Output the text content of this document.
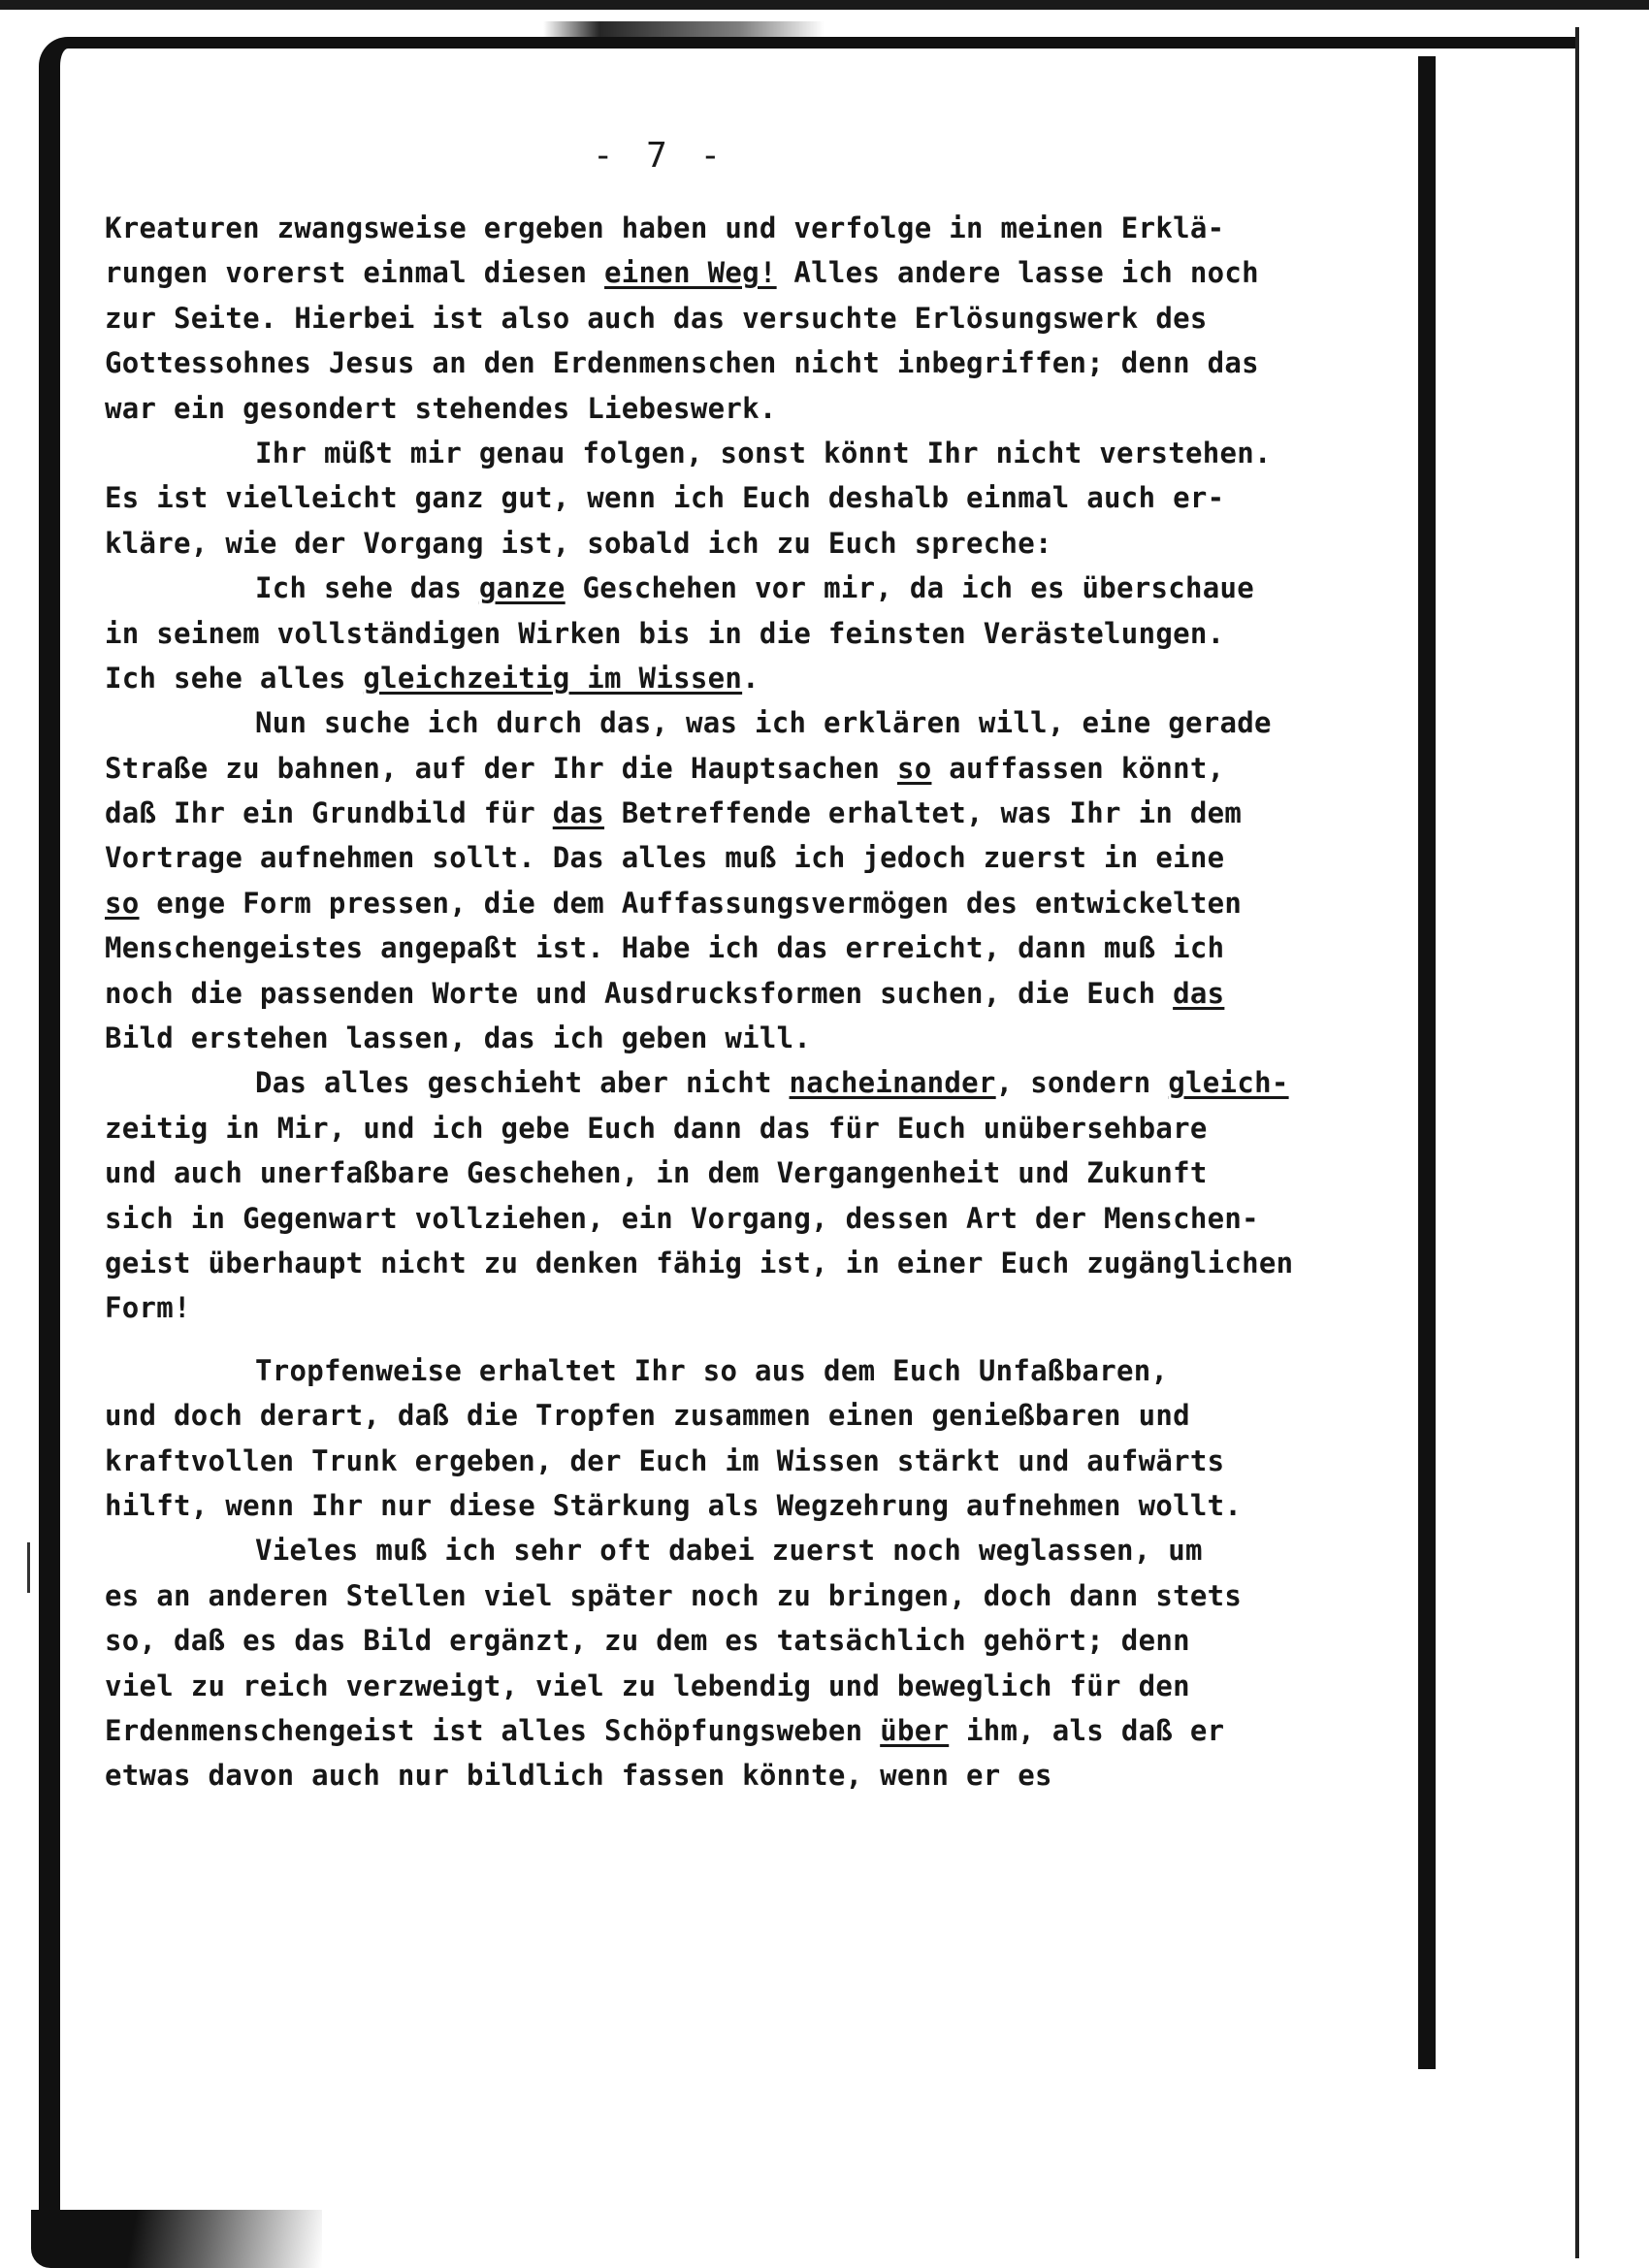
- 7 -
Kreaturen zwangsweise ergeben haben und verfolge in meinen Erklä-
rungen vorerst einmal diesen einen Weg! Alles andere lasse ich noch
zur Seite. Hierbei ist also auch das versuchte Erlösungswerk des
Gottessohnes Jesus an den Erdenmenschen nicht inbegriffen; denn das
war ein gesondert stehendes Liebeswerk.
Ihr müßt mir genau folgen, sonst könnt Ihr nicht verstehen.
Es ist vielleicht ganz gut, wenn ich Euch deshalb einmal auch er-
kläre, wie der Vorgang ist, sobald ich zu Euch spreche:
Ich sehe das ganze Geschehen vor mir, da ich es überschaue
in seinem vollständigen Wirken bis in die feinsten Verästelungen.
Ich sehe alles gleichzeitig im Wissen.
Nun suche ich durch das, was ich erklären will, eine gerade
Straße zu bahnen, auf der Ihr die Hauptsachen so auffassen könnt,
daß Ihr ein Grundbild für das Betreffende erhaltet, was Ihr in dem
Vortrage aufnehmen sollt. Das alles muß ich jedoch zuerst in eine
so enge Form pressen, die dem Auffassungsvermögen des entwickelten
Menschengeistes angepaßt ist. Habe ich das erreicht, dann muß ich
noch die passenden Worte und Ausdrucksformen suchen, die Euch das
Bild erstehen lassen, das ich geben will.
Das alles geschieht aber nicht nacheinander, sondern gleich-
zeitig in Mir, und ich gebe Euch dann das für Euch unübersehbare
und auch unerfaßbare Geschehen, in dem Vergangenheit und Zukunft
sich in Gegenwart vollziehen, ein Vorgang, dessen Art der Menschen-
geist überhaupt nicht zu denken fähig ist, in einer Euch zugänglichen
Form!
Tropfenweise erhaltet Ihr so aus dem Euch Unfaßbaren,
und doch derart, daß die Tropfen zusammen einen genießbaren und
kraftvollen Trunk ergeben, der Euch im Wissen stärkt und aufwärts
hilft, wenn Ihr nur diese Stärkung als Wegzehrung aufnehmen wollt.
Vieles muß ich sehr oft dabei zuerst noch weglassen, um
es an anderen Stellen viel später noch zu bringen, doch dann stets
so, daß es das Bild ergänzt, zu dem es tatsächlich gehört; denn
viel zu reich verzweigt, viel zu lebendig und beweglich für den
Erdenmenschengeist ist alles Schöpfungsweben über ihm, als daß er
etwas davon auch nur bildlich fassen könnte, wenn er es
